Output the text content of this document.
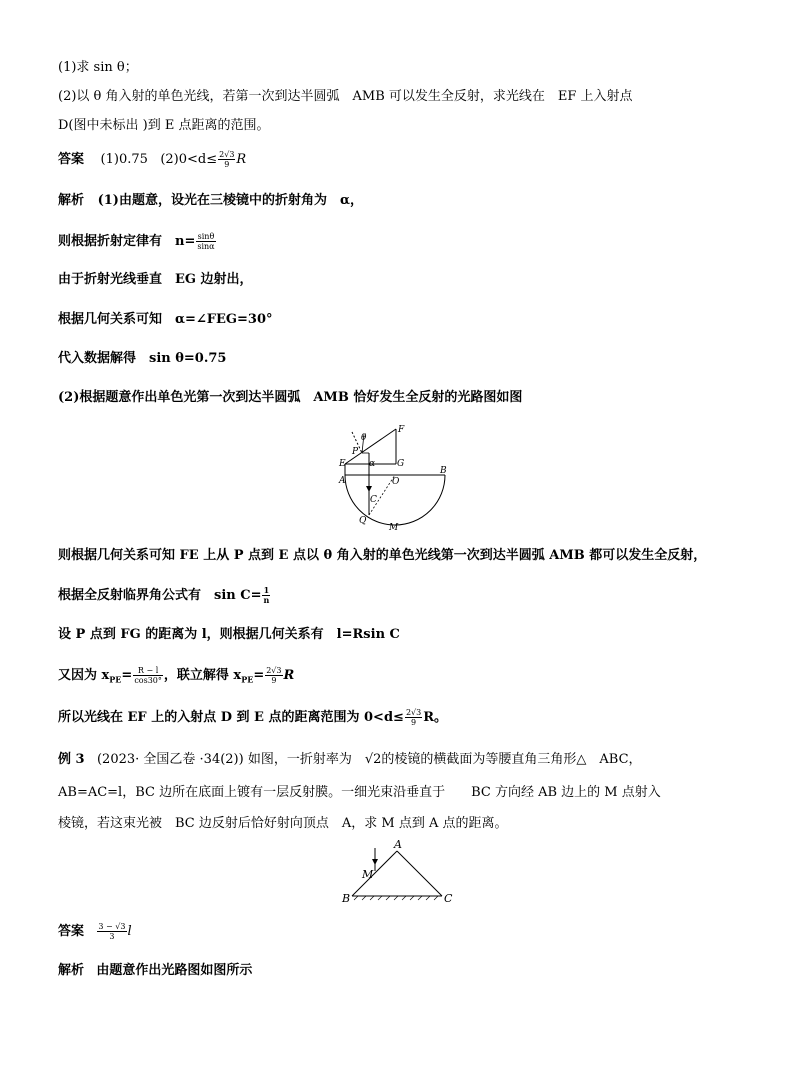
(1)求 sin θ；
(2)以 θ 角入射的单色光线，若第一次到达半圆弧　AMB 可以发生全反射，求光线在　EF 上入射点
D(图中未标出 )到 E 点距离的范围。
答案 (1)0.75 $(2)0<d\le \frac{2√3}{9}$ R
解析 (1)由题意，设光在三棱镜中的折射角为　α，
则根据折射定律有　$n= \frac{\sin\theta}{\sin\alpha}$
由于折射光线垂直　EG 边射出，
根据几何关系可知　α=∠FEG=30°
代入数据解得　sin θ=0.75
(2)根据题意作出单色光第一次到达半圆弧　AMB 恰好发生全反射的光路图如图
θ
F
P
E	α G
B
A	O
C
Q
M
则根据几何关系可知 FE 上从 P 点到 E 点以 θ 角入射的单色光线第一次到达半圆弧 AMB 都可以发生全反射，
根据全反射临界角公式有　$\sin C= \frac{1}{n}$
设 P 点到 FG 的距离为 l，则根据几何关系有　l=Rsin C
又因为 $x_{PE}= \frac{R - l}{\cos 30^\circ}$ ，联立解得 $x_{PE}= \frac{2√3}{9}$ R
所以光线在 EF 上的入射点 D 到 E 点的距离范围为 $0<d\le \frac{2√3}{9}$ R。
例 3 (2023· 全国乙卷 ·34(2)) 如图，一折射率为　√2的棱镜的横截面为等腰直角三角形△　ABC，
AB=AC=l，BC 边所在底面上镀有一层反射膜。一细光束沿垂直于　　BC 方向经 AB 边上的 M 点射入
棱镜，若这束光被　BC 边反射后恰好射向顶点　A，求 M 点到 A 点的距离。
A
M
B	C
答案 $\frac{3 - √3}{3}$ l
解析 由题意作出光路图如图所示
